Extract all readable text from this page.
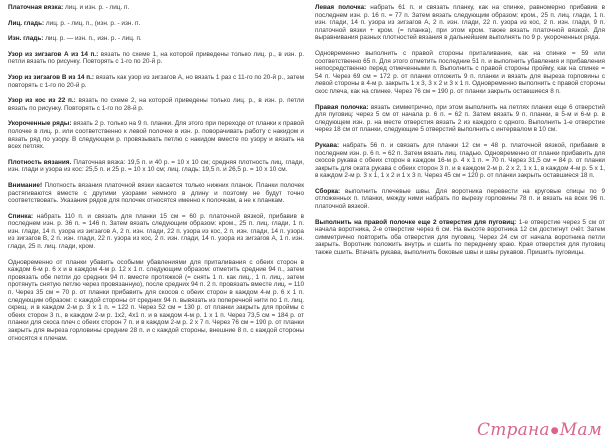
Платочная вязка: лиц. и изн. р. - лиц. п.
Лиц. гладь: лиц. р. - лиц. п., (изн. р. - изн. п.
Изн. гладь: лиц. р. — изн. п., изн. р. - лиц. п.
Узор из зигзагов А из 14 п.: вязать по схеме 1, на которой приведены только лиц. р., в изн. р. петли вязать по рисунку. Повторять с 1-го по 20-й р.
Узор из зигзагов В из 14 п.: вязать как узор из зигзагов А, но вязать 1 раз с 11-го по 20-й р., затем повторять с 1-го по 20-й р.
Узор из кос из 22 п.: вязать по схеме 2, на которой приведены только лиц. р., в изн. р. петли вязать по рисунку. Повторять с 1-го по 28-й р.
Укороченные ряды: вязать 2 р. только на 9 п. планки. Для этого при переходе от планки к правой полочке в лиц. р. или соответственно к левой полочке в изн. р. поворачивать работу с накидом и вязать ряд по узору. В следующем р. провязывать петлю с накидом вместе по узору и вязать на всех петлях.
Плотность вязания. Платочная вязка: 19,5 п. и 40 р. = 10 х 10 см; средняя плотность лиц. глади, изн. глади и узора из кос: 25,5 п. и 25 р. = 10 х 10 см; лиц. гладь: 19,5 п. и 26,5 р. = 10 х 10 см.
Внимание! Плотность вязания платочной вязки касается только нижних планок. Планки полочек растягиваются вместе с другими узорами немного в длину и поэтому не будут точно соответствовать. Указания рядов для полочек относятся именно к полочкам, а не к планкам.
Спинка: набрать 110 п. и связать для планки 15 см = 60 р. платочной вязкой, прибавив в последнем изн. р. 36 п. = 146 п. Затем вязать следующим образом: кром., 25 п. лиц. глади, 1 п. изн. глади, 14 п. узора из зигзагов А, 2 п. изн. глади, 22 п. узора из кос, 2 п. изн. глади, 14 п. узора из зигзагов В, 2 п. изн. глади, 22 п. узора из кос, 2 п. изн. глади, 14 п. узора из зигзагов А, 1 п. изн. глади, 25 п. лиц. глади, кром.
Одновременно от планки убавить особыми убавлениями для приталивания с обеих сторон в каждом 6-м р. 6 х и в каждом 4-м р. 12 х 1 п. следующим образом: отметить средние 94 п., затем провязать обе петли до средних 94 п. вместе протяжкой (= снять 1 п. как лиц., 1 п. лиц., затем протянуть снятую петлю через провязанную), после средних 94 п. 2 п. провязать вместе лиц. = 110 п. Через 35 см = 70 р. от планки прибавить для скосов с обеих сторон в каждом 4-м р. 6 х 1 п. следующим образом: с каждой стороны от средних 94 п. вывязать из поперечной нити по 1 п. лиц. скрещ. и в каждом 2-м р. 3 х 1 п. = 122 п. Через 52 см = 130 р. от планки закрыть для проймы с обеих сторон 3 п., в каждом 2-м р. 1х2, 4х1 п. и в каждом 4-м р. 1 х 1 п. Через 73,5 см = 184 р. от планки для скоса плеч с обеих сторон 7 п. и в каждом 2-м р. 2 х 7 п. Через 76 см = 190 р. от планки закрыть для выреза горловины средние 28 п. и с каждой стороны, внешние 8 п. с каждой стороны относятся к плечам.
Левая полочка: набрать 61 п. и связать планку, как на спинке, равномерно прибавив в последнем изн. р. 16 п. = 77 п. Затем вязать следующим образом: кром., 25 п. лиц. глади, 1 п. изн. глади, 14 п. узора из зигзагов А, 2 п. изн. глади, 22 п. узора из кос, 2 п. изн. глади, 9 п. платочной вязки + кром. (= планка), при этом кром. также вязать платочной вязкой. Для выравнивания разных плотностей вязания в дальнейшем выполнять по 9 р. укороченных ряда.
Одновременно выполнить с правой стороны приталивание, как на спинке = 59 или соответственно 65 п. Для этого отметить последние 51 п. и выполнить убавления и прибавления непосредственно перед отмеченными п. Выполнить с правой стороны пройму, как на спинке = 54 п. Через 69 см = 172 р. от планки отложить 9 п. планки и вязать для выреза горловины с левой стороны в 4-м р. закрыть 1 х 3, 3 х 2 и 3 х 1 п. Одновременно выполнить с правой стороны скос плеча, как на спинке. Через 76 см = 190 р. от планки закрыть оставшиеся 8 п.
Правая полочка: вязать симметрично, при этом выполнить на петлях планки еще 6 отверстий для пуговиц: через 5 см от начала р. 6 п. = 62 п. Затем вязать 9 п. планки, в 5-м и 6-м р. в следующем изн. р. на месте отверстия вязать 2 из каждого с одного. Выполнить 1-е отверстие через 18 см от планки, следующие 5 отверстий выполнить с интервалом в 10 см.
Рукава: набрать 56 п. и связать для планки 12 см = 48 р. платочной вязкой, прибавив в последнем изн. р. 6 п. = 62 п. Затем вязать лиц. гладью. Одновременно от планки прибавить для скосов рукава с обеих сторон в каждом 16-м р. 4 х 1 п. = 70 п. Через 31,5 см = 84 р. от планки закрыть для оката рукава с обеих сторон 3 п. и в каждом 2-м р. 2 х 2, 1 х 1, в каждом 4-м р. 5 х 1, в каждом 2-м р. 3 х 1, 1 х 2 и 1 х 3 п. Через 45 см = 120 р. от планки закрыть оставшиеся 18 п.
Сборка: выполнить плечевые швы. Для воротника перевести на круговые спицы по 9 отложенных п. планки, между ними набрать по вырезу горловины 78 п. и вязать на всех 96 п. платочной вязкой.
Выполнить на правой полочке еще 2 отверстия для пуговиц: 1-е отверстие через 5 см от начала воротника, 2-е отверстие через 6 см. На высоте воротника 12 см достигнут счёт. Затем симметрично повторить оба отверстия для пуговиц. Через 24 см от начала воротника петли закрыть. Воротник положить внутрь и сшить по переднему краю. Края отверстия для пуговиц также сшить. Втачать рукава, выполнить боковые швы и швы рукавов. Пришить пуговицы.
Страна●Мам
